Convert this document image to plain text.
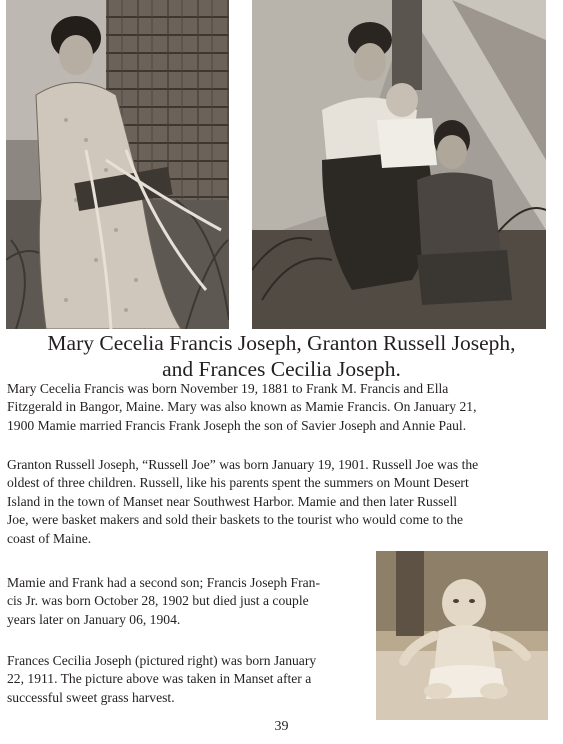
Mary Cecelia Francis Joseph, Granton Russell Joseph,
and Frances Cecilia Joseph.

Mary Cecelia Francis was born November 19, 1881 to Frank M. Francis and Ella
Fitzgerald in Bangor, Maine. Mary was also known as Mamie Francis. On January 21,
1900 Mamie married Francis Frank Joseph the son of Savier Joseph and Annie Paul.

Granton Russell Joseph, “Russell Joe” was born January 19, 1901. Russell Joe was the
oldest of three children. Russell, like his parents spent the summers on Mount Desert
Island in the town of Manset near Southwest Harbor. Mamie and then later Russell
Joe, were basket makers and sold their baskets to the tourist who would come to the
coast of Maine.

Mamie and Frank had a second son; Francis Joseph Fran-
cis Jr. was born October 28, 1902 but died just a couple
years later on January 06, 1904.

Frances Cecilia Joseph (pictured right) was born January
22, 1911. The picture above was taken in Manset after a
successful sweet grass harvest.

39
